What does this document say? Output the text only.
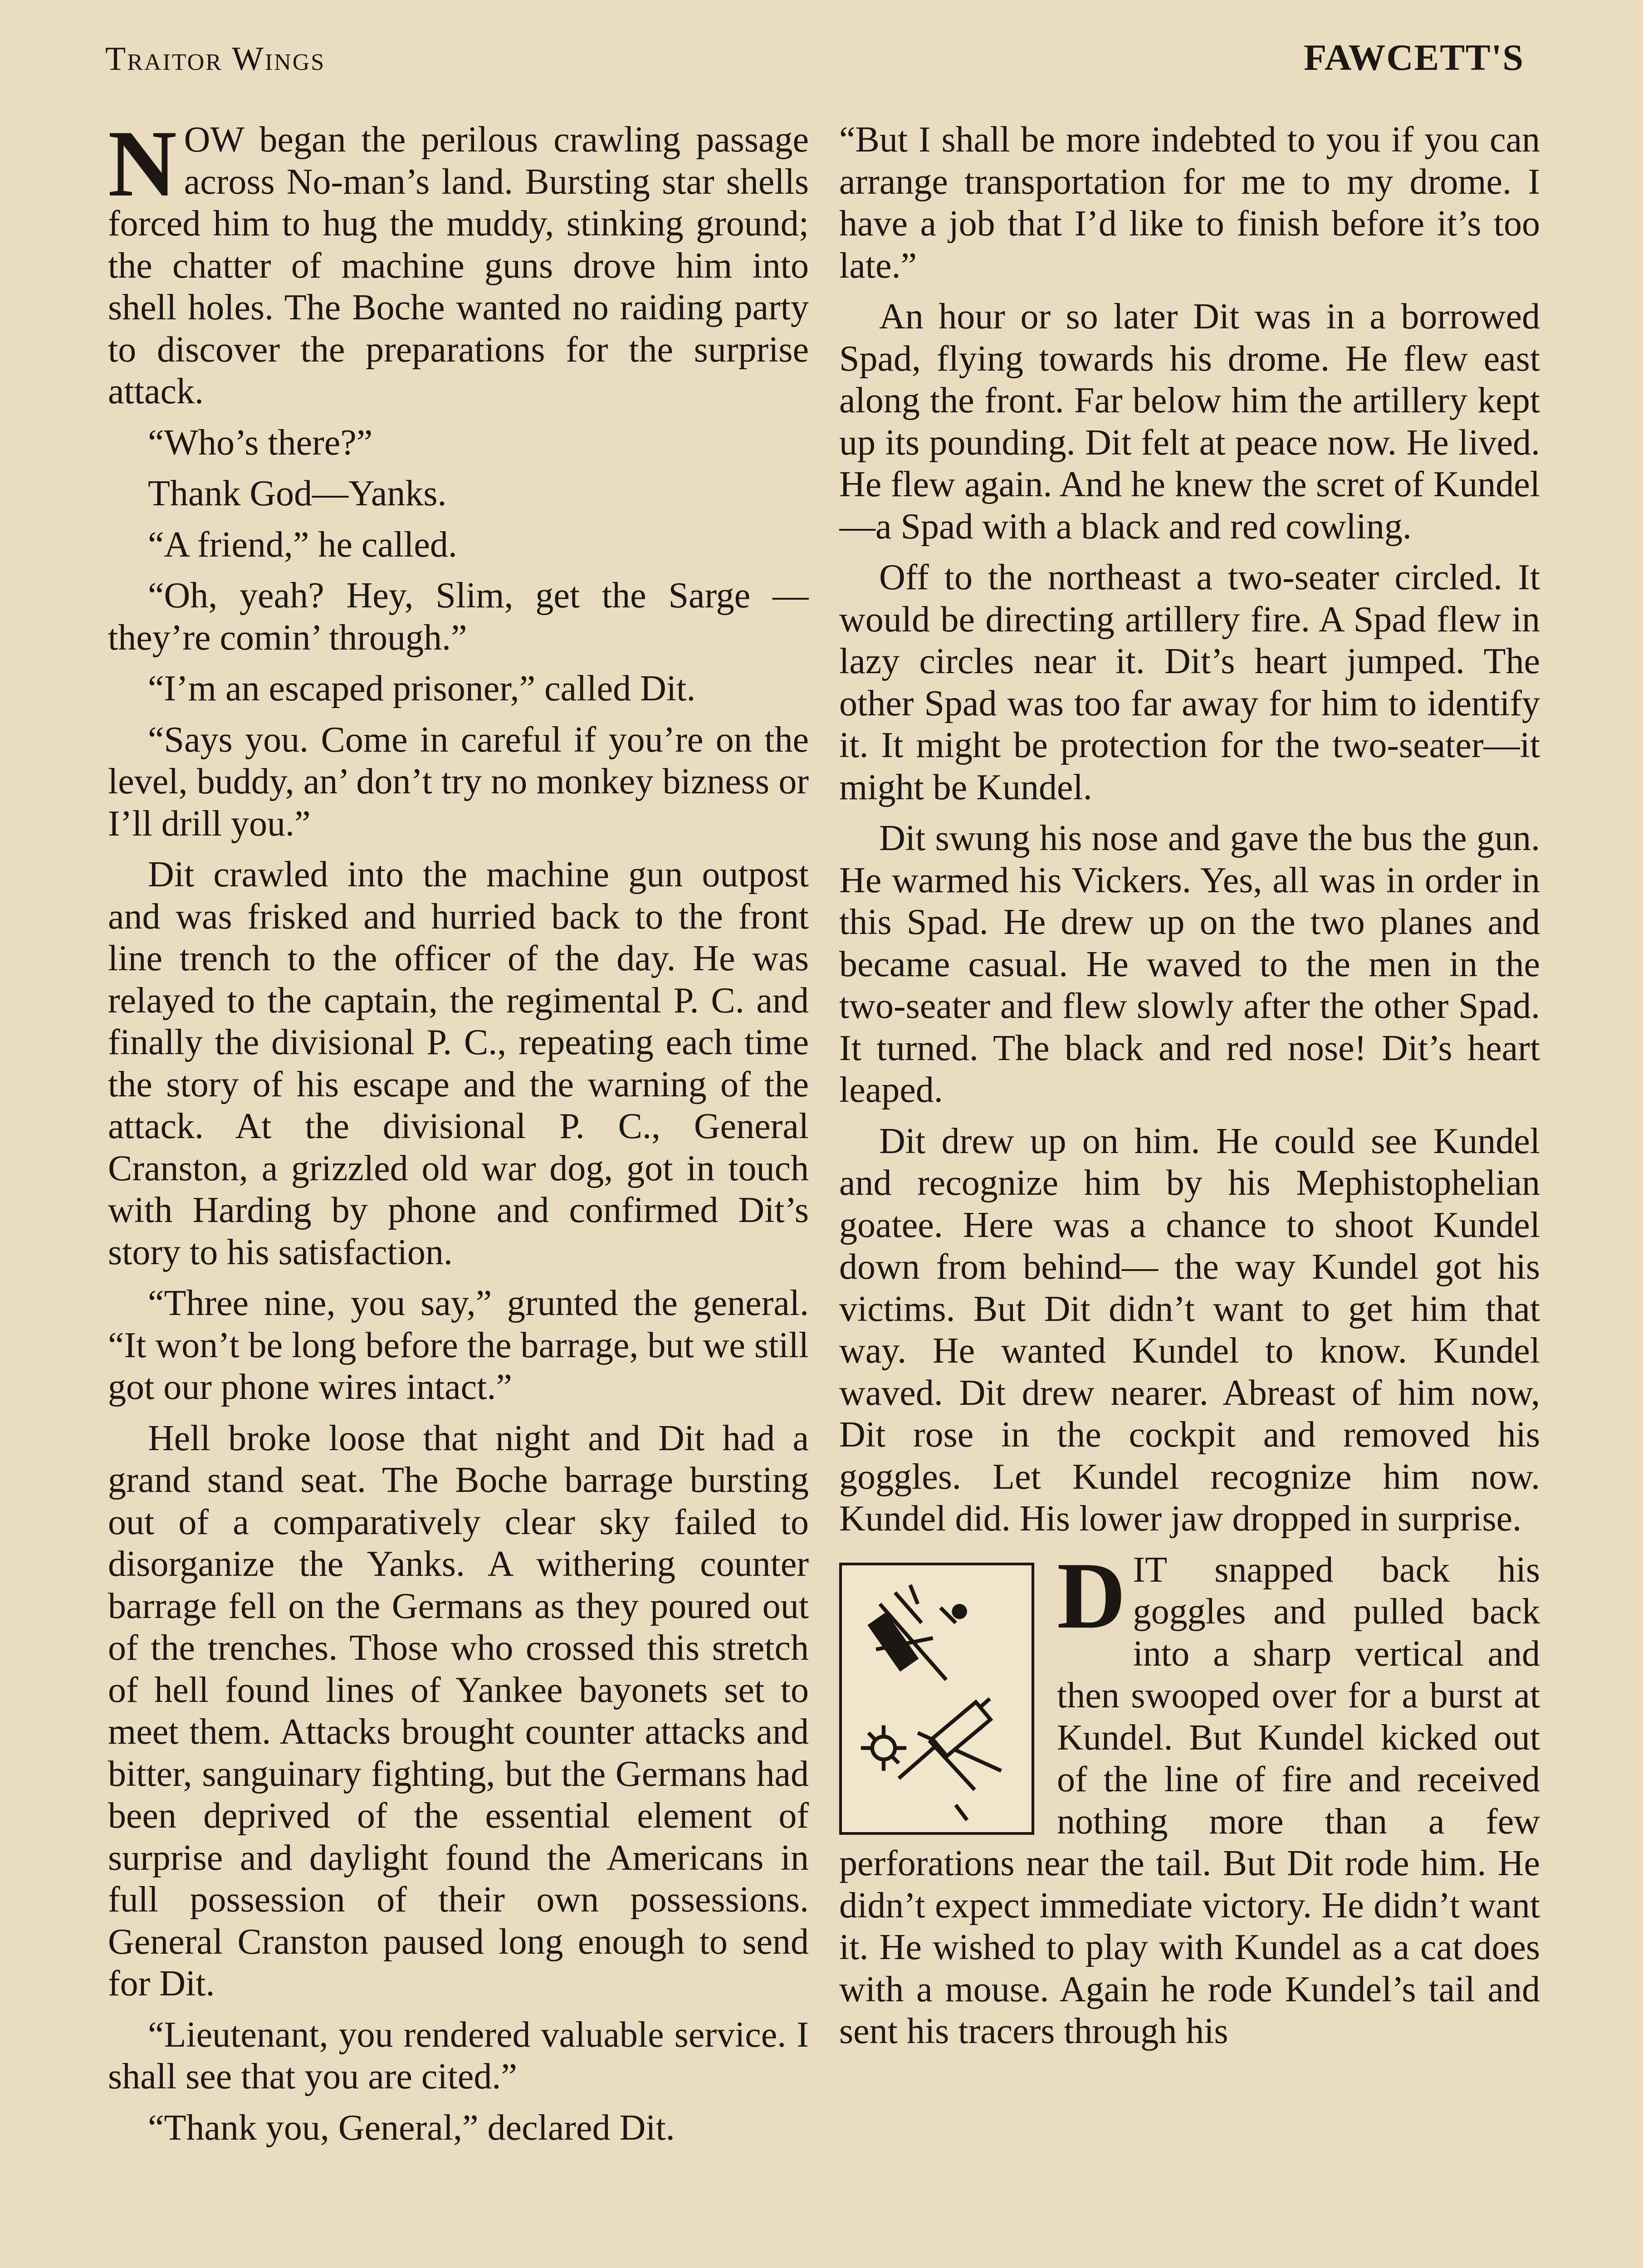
Traitor Wings	FAWCETT'S

NOW began the perilous crawling passage across No-man’s land. Bursting star shells forced him to hug the muddy, stinking ground; the chatter of machine guns drove him into shell holes. The Boche wanted no raiding party to discover the preparations for the surprise attack.

“Who’s there?”

Thank God—Yanks.

“A friend,” he called.

“Oh, yeah? Hey, Slim, get the Sarge —they’re comin’ through.”

“I’m an escaped prisoner,” called Dit.

“Says you. Come in careful if you’re on the level, buddy, an’ don’t try no monkey bizness or I’ll drill you.”

Dit crawled into the machine gun outpost and was frisked and hurried back to the front line trench to the officer of the day. He was relayed to the captain, the regimental P. C. and finally the divisional P. C., repeating each time the story of his escape and the warning of the attack. At the divisional P. C., General Cranston, a grizzled old war dog, got in touch with Harding by phone and confirmed Dit’s story to his satisfaction.

“Three nine, you say,” grunted the general. “It won’t be long before the barrage, but we still got our phone wires intact.”

Hell broke loose that night and Dit had a grand stand seat. The Boche barrage bursting out of a comparatively clear sky failed to disorganize the Yanks. A withering counter barrage fell on the Germans as they poured out of the trenches. Those who crossed this stretch of hell found lines of Yankee bayonets set to meet them. Attacks brought counter attacks and bitter, sanguinary fighting, but the Germans had been deprived of the essential element of surprise and daylight found the Americans in full possession of their own possessions. General Cranston paused long enough to send for Dit.

“Lieutenant, you rendered valuable service. I shall see that you are cited.”

“Thank you, General,” declared Dit.

“But I shall be more indebted to you if you can arrange transportation for me to my drome. I have a job that I’d like to finish before it’s too late.”

An hour or so later Dit was in a borrowed Spad, flying towards his drome. He flew east along the front. Far below him the artillery kept up its pounding. Dit felt at peace now. He lived. He flew again. And he knew the scret of Kundel —a Spad with a black and red cowling.

Off to the northeast a two-seater circled. It would be directing artillery fire. A Spad flew in lazy circles near it. Dit’s heart jumped. The other Spad was too far away for him to identify it. It might be protection for the two-seater—it might be Kundel.

Dit swung his nose and gave the bus the gun. He warmed his Vickers. Yes, all was in order in this Spad. He drew up on the two planes and became casual. He waved to the men in the two-seater and flew slowly after the other Spad. It turned. The black and red nose! Dit’s heart leaped.

Dit drew up on him. He could see Kundel and recognize him by his Mephistophelian goatee. Here was a chance to shoot Kundel down from behind— the way Kundel got his victims. But Dit didn’t want to get him that way. He wanted Kundel to know. Kundel waved. Dit drew nearer. Abreast of him now, Dit rose in the cockpit and removed his goggles. Let Kundel recognize him now. Kundel did. His lower jaw dropped in surprise.

DIT snapped back his goggles and pulled back into a sharp vertical and then swooped over for a burst at Kundel. But Kundel kicked out of the line of fire and received nothing more than a few perforations near the tail. But Dit rode him. He didn’t expect immediate victory. He didn’t want it. He wished to play with Kundel as a cat does with a mouse. Again he rode Kundel’s tail and sent his tracers through his
